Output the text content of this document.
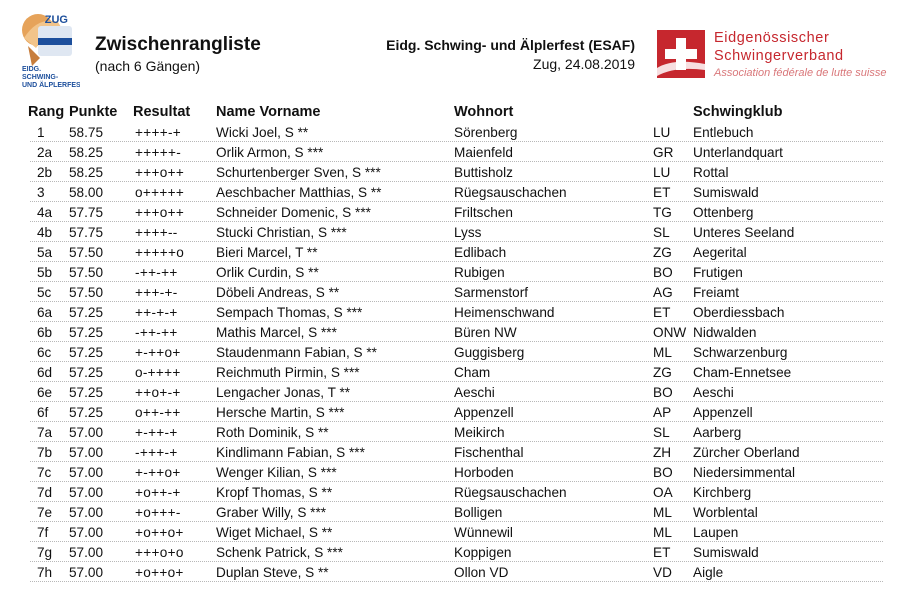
ZUG
EIDG.
SCHWING-
UND ÄLPLERFEST
Zwischenrangliste
(nach 6 Gängen)
Eidg. Schwing- und Älplerfest (ESAF)
Zug, 24.08.2019
Eidgenössischer
Schwingerverband
Association fédérale de lutte suisse
Rang Punkte Resultat Name Vorname	Wohnort	Schwingklub
1 58.75 ++++-+	Wicki Joel, S **	Sörenberg	LU Entlebuch
2a 58.25 +++++-	Orlik Armon, S ***	Maienfeld	GR Unterlandquart
2b 58.25 +++o++ Schurtenberger Sven, S ***	Buttisholz	LU Rottal
3 58.00 o+++++ Aeschbacher Matthias, S **	Rüegsauschachen	ET Sumiswald
4a 57.75 +++o++ Schneider Domenic, S ***	Friltschen	TG Ottenberg
4b 57.75 ++++--	Stucki Christian, S ***	Lyss	SL Unteres Seeland
5a 57.50 +++++o Bieri Marcel, T **	Edlibach	ZG Aegerital
5b 57.50 -++-++	Orlik Curdin, S **	Rubigen	BO Frutigen
5c 57.50 +++-+-	Döbeli Andreas, S **	Sarmenstorf	AG Freiamt
6a 57.25 ++-+-+	Sempach Thomas, S ***	Heimenschwand	ET Oberdiessbach
6b 57.25 -++-++	Mathis Marcel, S ***	Büren NW	ONW Nidwalden
6c 57.25 +-++o+	Staudenmann Fabian, S **	Guggisberg	ML Schwarzenburg
6d 57.25 o-++++	Reichmuth Pirmin, S ***	Cham	ZG Cham-Ennetsee
6e 57.25 ++o+-+	Lengacher Jonas, T **	Aeschi	BO Aeschi
6f 57.25 o++-++	Hersche Martin, S ***	Appenzell	AP Appenzell
7a 57.00 +-++-+	Roth Dominik, S **	Meikirch	SL Aarberg
7b 57.00 -+++-+	Kindlimann Fabian, S ***	Fischenthal	ZH Zürcher Oberland
7c 57.00 +-++o+	Wenger Kilian, S ***	Horboden	BO Niedersimmental
7d 57.00 +o++-+	Kropf Thomas, S **	Rüegsauschachen	OA Kirchberg
7e 57.00 +o+++-	Graber Willy, S ***	Bolligen	ML Worblental
7f 57.00 +o++o+ Wiget Michael, S **	Wünnewil	ML Laupen
7g 57.00 +++o+o Schenk Patrick, S ***	Koppigen	ET Sumiswald
7h 57.00 +o++o+ Duplan Steve, S **	Ollon VD	VD Aigle
